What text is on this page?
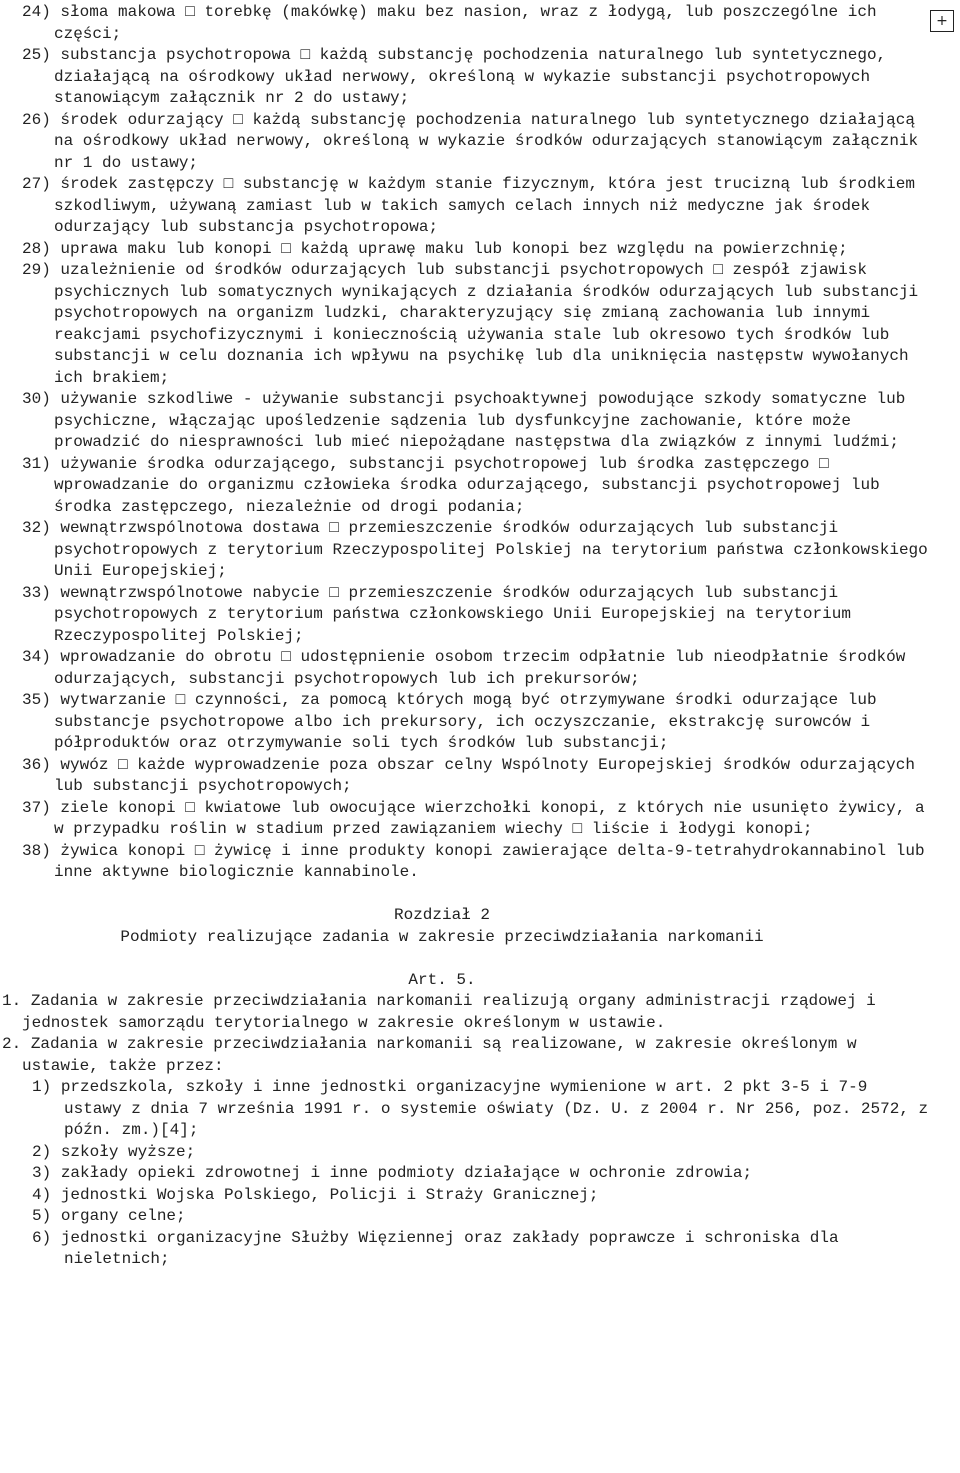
+
24) słoma makowa □ torebkę (makówkę) maku bez nasion, wraz z łodygą, lub poszczególne ich części;
25) substancja psychotropowa □ każdą substancję pochodzenia naturalnego lub syntetycznego, działającą na ośrodkowy układ nerwowy, określoną w wykazie substancji psychotropowych stanowiącym załącznik nr 2 do ustawy;
26) środek odurzający □ każdą substancję pochodzenia naturalnego lub syntetycznego działającą na ośrodkowy układ nerwowy, określoną w wykazie środków odurzających stanowiącym załącznik nr 1 do ustawy;
27) środek zastępczy □ substancję w każdym stanie fizycznym, która jest trucizną lub środkiem szkodliwym, używaną zamiast lub w takich samych celach innych niż medyczne jak środek odurzający lub substancja psychotropowa;
28) uprawa maku lub konopi □ każdą uprawę maku lub konopi bez względu na powierzchnię;
29) uzależnienie od środków odurzających lub substancji psychotropowych □ zespół zjawisk psychicznych lub somatycznych wynikających z działania środków odurzających lub substancji psychotropowych na organizm ludzki, charakteryzujący się zmianą zachowania lub innymi reakcjami psychofizycznymi i koniecznością używania stale lub okresowo tych środków lub substancji w celu doznania ich wpływu na psychikę lub dla uniknięcia następstw wywołanych ich brakiem;
30) używanie szkodliwe - używanie substancji psychoaktywnej powodujące szkody somatyczne lub psychiczne, włączając upośledzenie sądzenia lub dysfunkcyjne zachowanie, które może prowadzić do niesprawności lub mieć niepożądane następstwa dla związków z innymi ludźmi;
31) używanie środka odurzającego, substancji psychotropowej lub środka zastępczego □ wprowadzanie do organizmu człowieka środka odurzającego, substancji psychotropowej lub środka zastępczego, niezależnie od drogi podania;
32) wewnątrzwspólnotowa dostawa □ przemieszczenie środków odurzających lub substancji psychotropowych z terytorium Rzeczypospolitej Polskiej na terytorium państwa członkowskiego Unii Europejskiej;
33) wewnątrzwspólnotowe nabycie □ przemieszczenie środków odurzających lub substancji psychotropowych z terytorium państwa członkowskiego Unii Europejskiej na terytorium Rzeczypospolitej Polskiej;
34) wprowadzanie do obrotu □ udostępnienie osobom trzecim odpłatnie lub nieodpłatnie środków odurzających, substancji psychotropowych lub ich prekursorów;
35) wytwarzanie □ czynności, za pomocą których mogą być otrzymywane środki odurzające lub substancje psychotropowe albo ich prekursory, ich oczyszczanie, ekstrakcję surowców i półproduktów oraz otrzymywanie soli tych środków lub substancji;
36) wywóz □ każde wyprowadzenie poza obszar celny Wspólnoty Europejskiej środków odurzających lub substancji psychotropowych;
37) ziele konopi □ kwiatowe lub owocujące wierzchołki konopi, z których nie usunięto żywicy, a w przypadku roślin w stadium przed zawiązaniem wiechy □ liście i łodygi konopi;
38) żywica konopi □ żywicę i inne produkty konopi zawierające delta-9-tetrahydrokannabinol lub inne aktywne biologicznie kannabinole.
Rozdział 2
Podmioty realizujące zadania w zakresie przeciwdziałania narkomanii
Art. 5.
1. Zadania w zakresie przeciwdziałania narkomanii realizują organy administracji rządowej i jednostek samorządu terytorialnego w zakresie określonym w ustawie.
2. Zadania w zakresie przeciwdziałania narkomanii są realizowane, w zakresie określonym w ustawie, także przez:
1) przedszkola, szkoły i inne jednostki organizacyjne wymienione w art. 2 pkt 3-5 i 7-9 ustawy z dnia 7 września 1991 r. o systemie oświaty (Dz. U. z 2004 r. Nr 256, poz. 2572, z późn. zm.)[4];
2) szkoły wyższe;
3) zakłady opieki zdrowotnej i inne podmioty działające w ochronie zdrowia;
4) jednostki Wojska Polskiego, Policji i Straży Granicznej;
5) organy celne;
6) jednostki organizacyjne Służby Więziennej oraz zakłady poprawcze i schroniska dla nieletnich;
